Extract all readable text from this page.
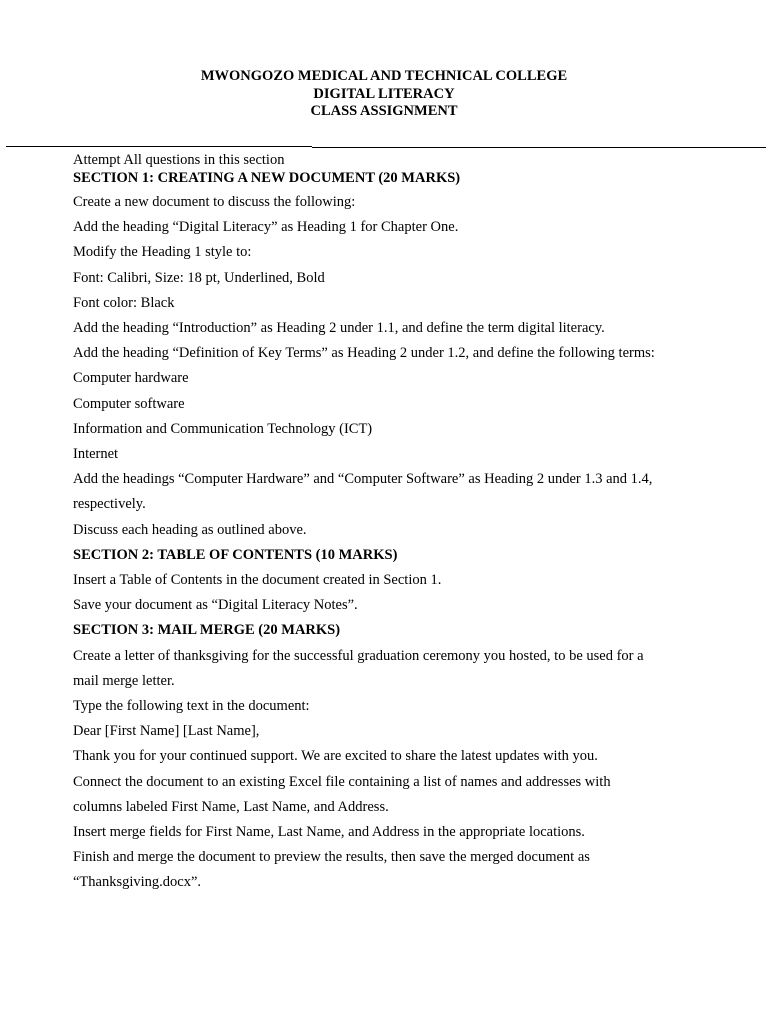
MWONGOZO MEDICAL AND TECHNICAL COLLEGE
DIGITAL LITERACY
CLASS ASSIGNMENT
Attempt All questions in this section
SECTION 1: CREATING A NEW DOCUMENT (20 MARKS)
Create a new document to discuss the following:
Add the heading “Digital Literacy” as Heading 1 for Chapter One.
Modify the Heading 1 style to:
Font: Calibri, Size: 18 pt, Underlined, Bold
Font color: Black
Add the heading “Introduction” as Heading 2 under 1.1, and define the term digital literacy.
Add the heading “Definition of Key Terms” as Heading 2 under 1.2, and define the following terms:
Computer hardware
Computer software
Information and Communication Technology (ICT)
Internet
Add the headings “Computer Hardware” and “Computer Software” as Heading 2 under 1.3 and 1.4,
respectively.
Discuss each heading as outlined above.
SECTION 2: TABLE OF CONTENTS (10 MARKS)
Insert a Table of Contents in the document created in Section 1.
Save your document as “Digital Literacy Notes”.
SECTION 3: MAIL MERGE (20 MARKS)
Create a letter of thanksgiving for the successful graduation ceremony you hosted, to be used for a
mail merge letter.
Type the following text in the document:
Dear [First Name] [Last Name],
Thank you for your continued support. We are excited to share the latest updates with you.
Connect the document to an existing Excel file containing a list of names and addresses with
columns labeled First Name, Last Name, and Address.
Insert merge fields for First Name, Last Name, and Address in the appropriate locations.
Finish and merge the document to preview the results, then save the merged document as
“Thanksgiving.docx”.
